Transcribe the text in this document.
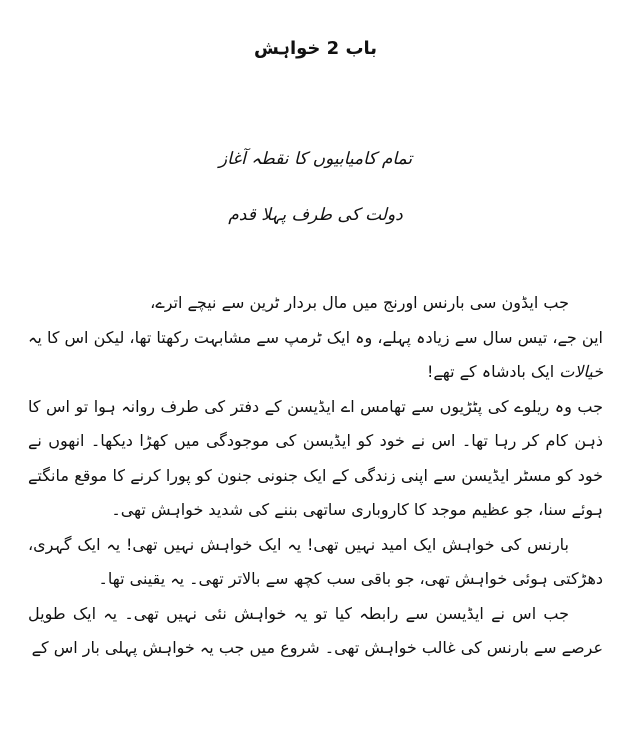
باب 2 خواہش
تمام کامیابیوں کا نقطہ آغاز
دولت کی طرف پہلا قدم

جب ایڈون سی بارنس اورنج میں مال بردار ٹرین سے نیچے اترے،

این جے، تیس سال سے زیادہ پہلے، وہ ایک ٹرمپ سے مشابہت رکھتا تھا، لیکن اس کا یہ خیالات ایک بادشاہ کے تھے!

جب وہ ریلوے کی پٹڑیوں سے تھامس اے ایڈیسن کے دفتر کی طرف روانہ ہوا تو اس کا ذہن کام کر رہا تھا۔ اس نے خود کو ایڈیسن کی موجودگی میں کھڑا دیکھا۔ انھوں نے خود کو مسٹر ایڈیسن سے اپنی زندگی کے ایک جنونی جنون کو پورا کرنے کا موقع مانگتے ہوئے سنا، جو عظیم موجد کا کاروباری ساتھی بننے کی شدید خواہش تھی۔

بارنس کی خواہش ایک امید نہیں تھی! یہ ایک خواہش نہیں تھی! یہ ایک گہری، دھڑکتی ہوئی خواہش تھی، جو باقی سب کچھ سے بالاتر تھی۔ یہ یقینی تھا۔

جب اس نے ایڈیسن سے رابطہ کیا تو یہ خواہش نئی نہیں تھی۔ یہ ایک طویل عرصے سے بارنس کی غالب خواہش تھی۔ شروع میں جب یہ خواہش پہلی بار اس کے
